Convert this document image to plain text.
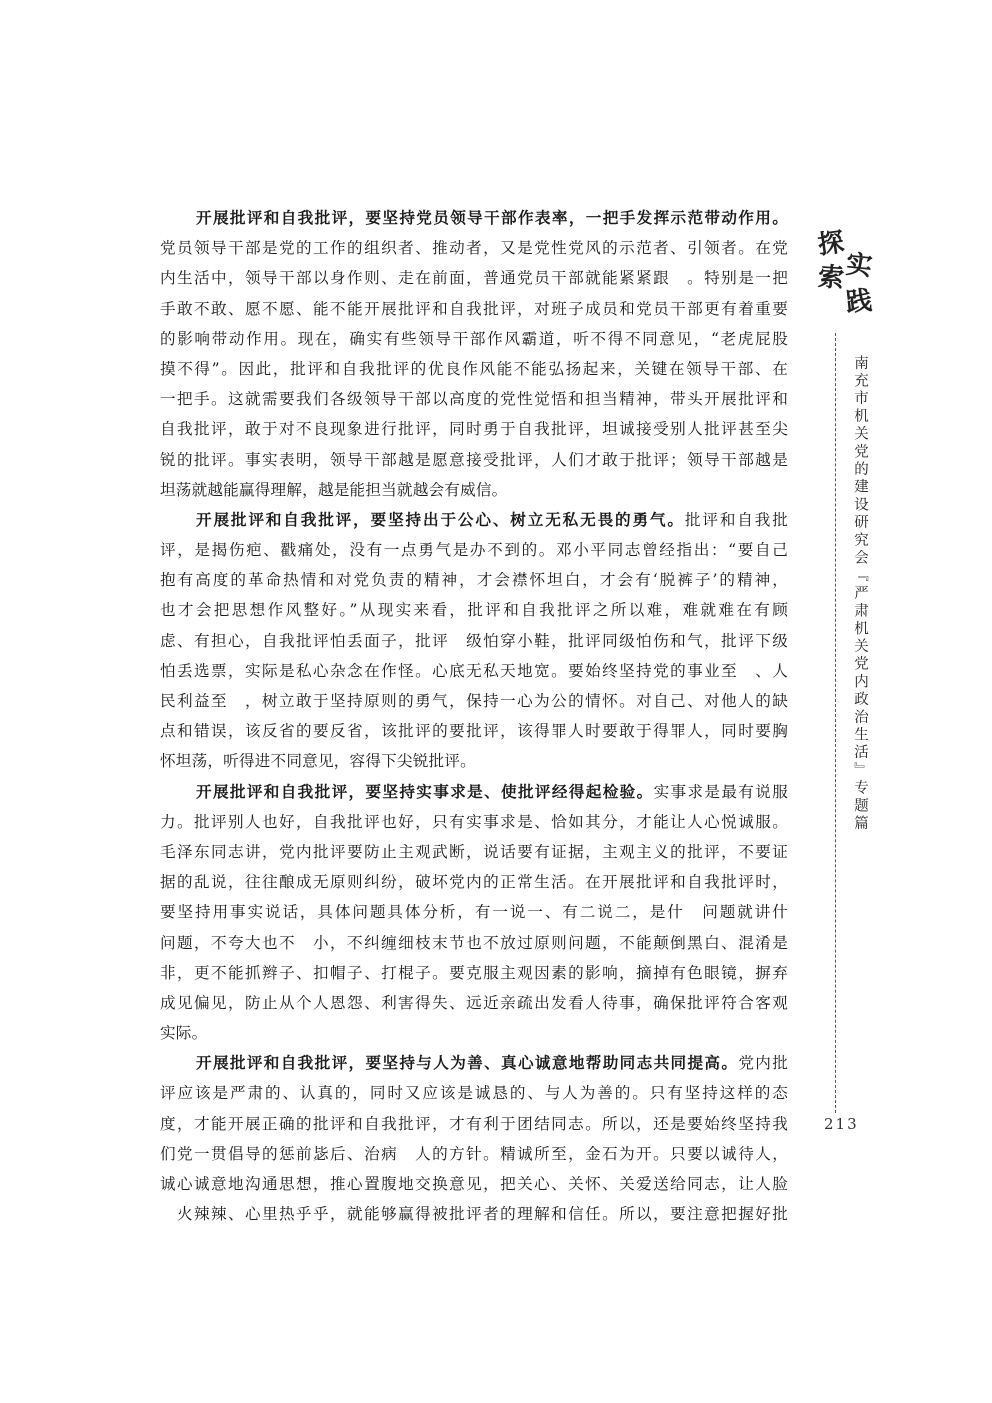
开展批评和自我批评，要坚持党员领导干部作表率，一把手发挥示范带动作用。
党员领导干部是党的工作的组织者、推动者，又是党性党风的示范者、引领者。在党
内生活中，领导干部以身作则、走在前面，普通党员干部就能紧紧跟　。特别是一把
手敢不敢、愿不愿、能不能开展批评和自我批评，对班子成员和党员干部更有着重要
的影响带动作用。现在，确实有些领导干部作风霸道，听不得不同意见，“老虎屁股
摸不得”。因此，批评和自我批评的优良作风能不能弘扬起来，关键在领导干部、在
一把手。这就需要我们各级领导干部以高度的党性觉悟和担当精神，带头开展批评和
自我批评，敢于对不良现象进行批评，同时勇于自我批评，坦诚接受别人批评甚至尖
锐的批评。事实表明，领导干部越是愿意接受批评，人们才敢于批评；领导干部越是
坦荡就越能赢得理解，越是能担当就越会有威信。
开展批评和自我批评，要坚持出于公心、树立无私无畏的勇气。批评和自我批
评，是揭伤疤、戳痛处，没有一点勇气是办不到的。邓小平同志曾经指出：“要自己
抱有高度的革命热情和对党负责的精神，才会襟怀坦白，才会有‘脱裤子’的精神，
也才会把思想作风整好。”从现实来看，批评和自我批评之所以难，难就难在有顾
虑、有担心，自我批评怕丢面子，批评　级怕穿小鞋，批评同级怕伤和气，批评下级
怕丢选票，实际是私心杂念在作怪。心底无私天地宽。要始终坚持党的事业至　、人
民利益至　，树立敢于坚持原则的勇气，保持一心为公的情怀。对自己、对他人的缺
点和错误，该反省的要反省，该批评的要批评，该得罪人时要敢于得罪人，同时要胸
怀坦荡，听得进不同意见，容得下尖锐批评。
开展批评和自我批评，要坚持实事求是、使批评经得起检验。实事求是最有说服
力。批评别人也好，自我批评也好，只有实事求是、恰如其分，才能让人心悦诚服。
毛泽东同志讲，党内批评要防止主观武断，说话要有证据，主观主义的批评，不要证
据的乱说，往往酿成无原则纠纷，破坏党内的正常生活。在开展批评和自我批评时，
要坚持用事实说话，具体问题具体分析，有一说一、有二说二，是什　问题就讲什
问题，不夸大也不　小，不纠缠细枝末节也不放过原则问题，不能颠倒黑白、混淆是
非，更不能抓辫子、扣帽子、打棍子。要克服主观因素的影响，摘掉有色眼镜，摒弃
成见偏见，防止从个人恩怨、利害得失、远近亲疏出发看人待事，确保批评符合客观
实际。
开展批评和自我批评，要坚持与人为善、真心诚意地帮助同志共同提高。党内批
评应该是严肃的、认真的，同时又应该是诚恳的、与人为善的。只有坚持这样的态
度，才能开展正确的批评和自我批评，才有利于团结同志。所以，还是要始终坚持我
们党一贯倡导的惩前毖后、治病　人的方针。精诚所至，金石为开。只要以诚待人，
诚心诚意地沟通思想，推心置腹地交换意见，把关心、关怀、关爱送给同志，让人脸
　火辣辣、心里热乎乎，就能够赢得被批评者的理解和信任。所以，要注意把握好批
探
实
索
践
南充市机关党的建设研究会『严肃机关党内政治生活』专题篇
213
